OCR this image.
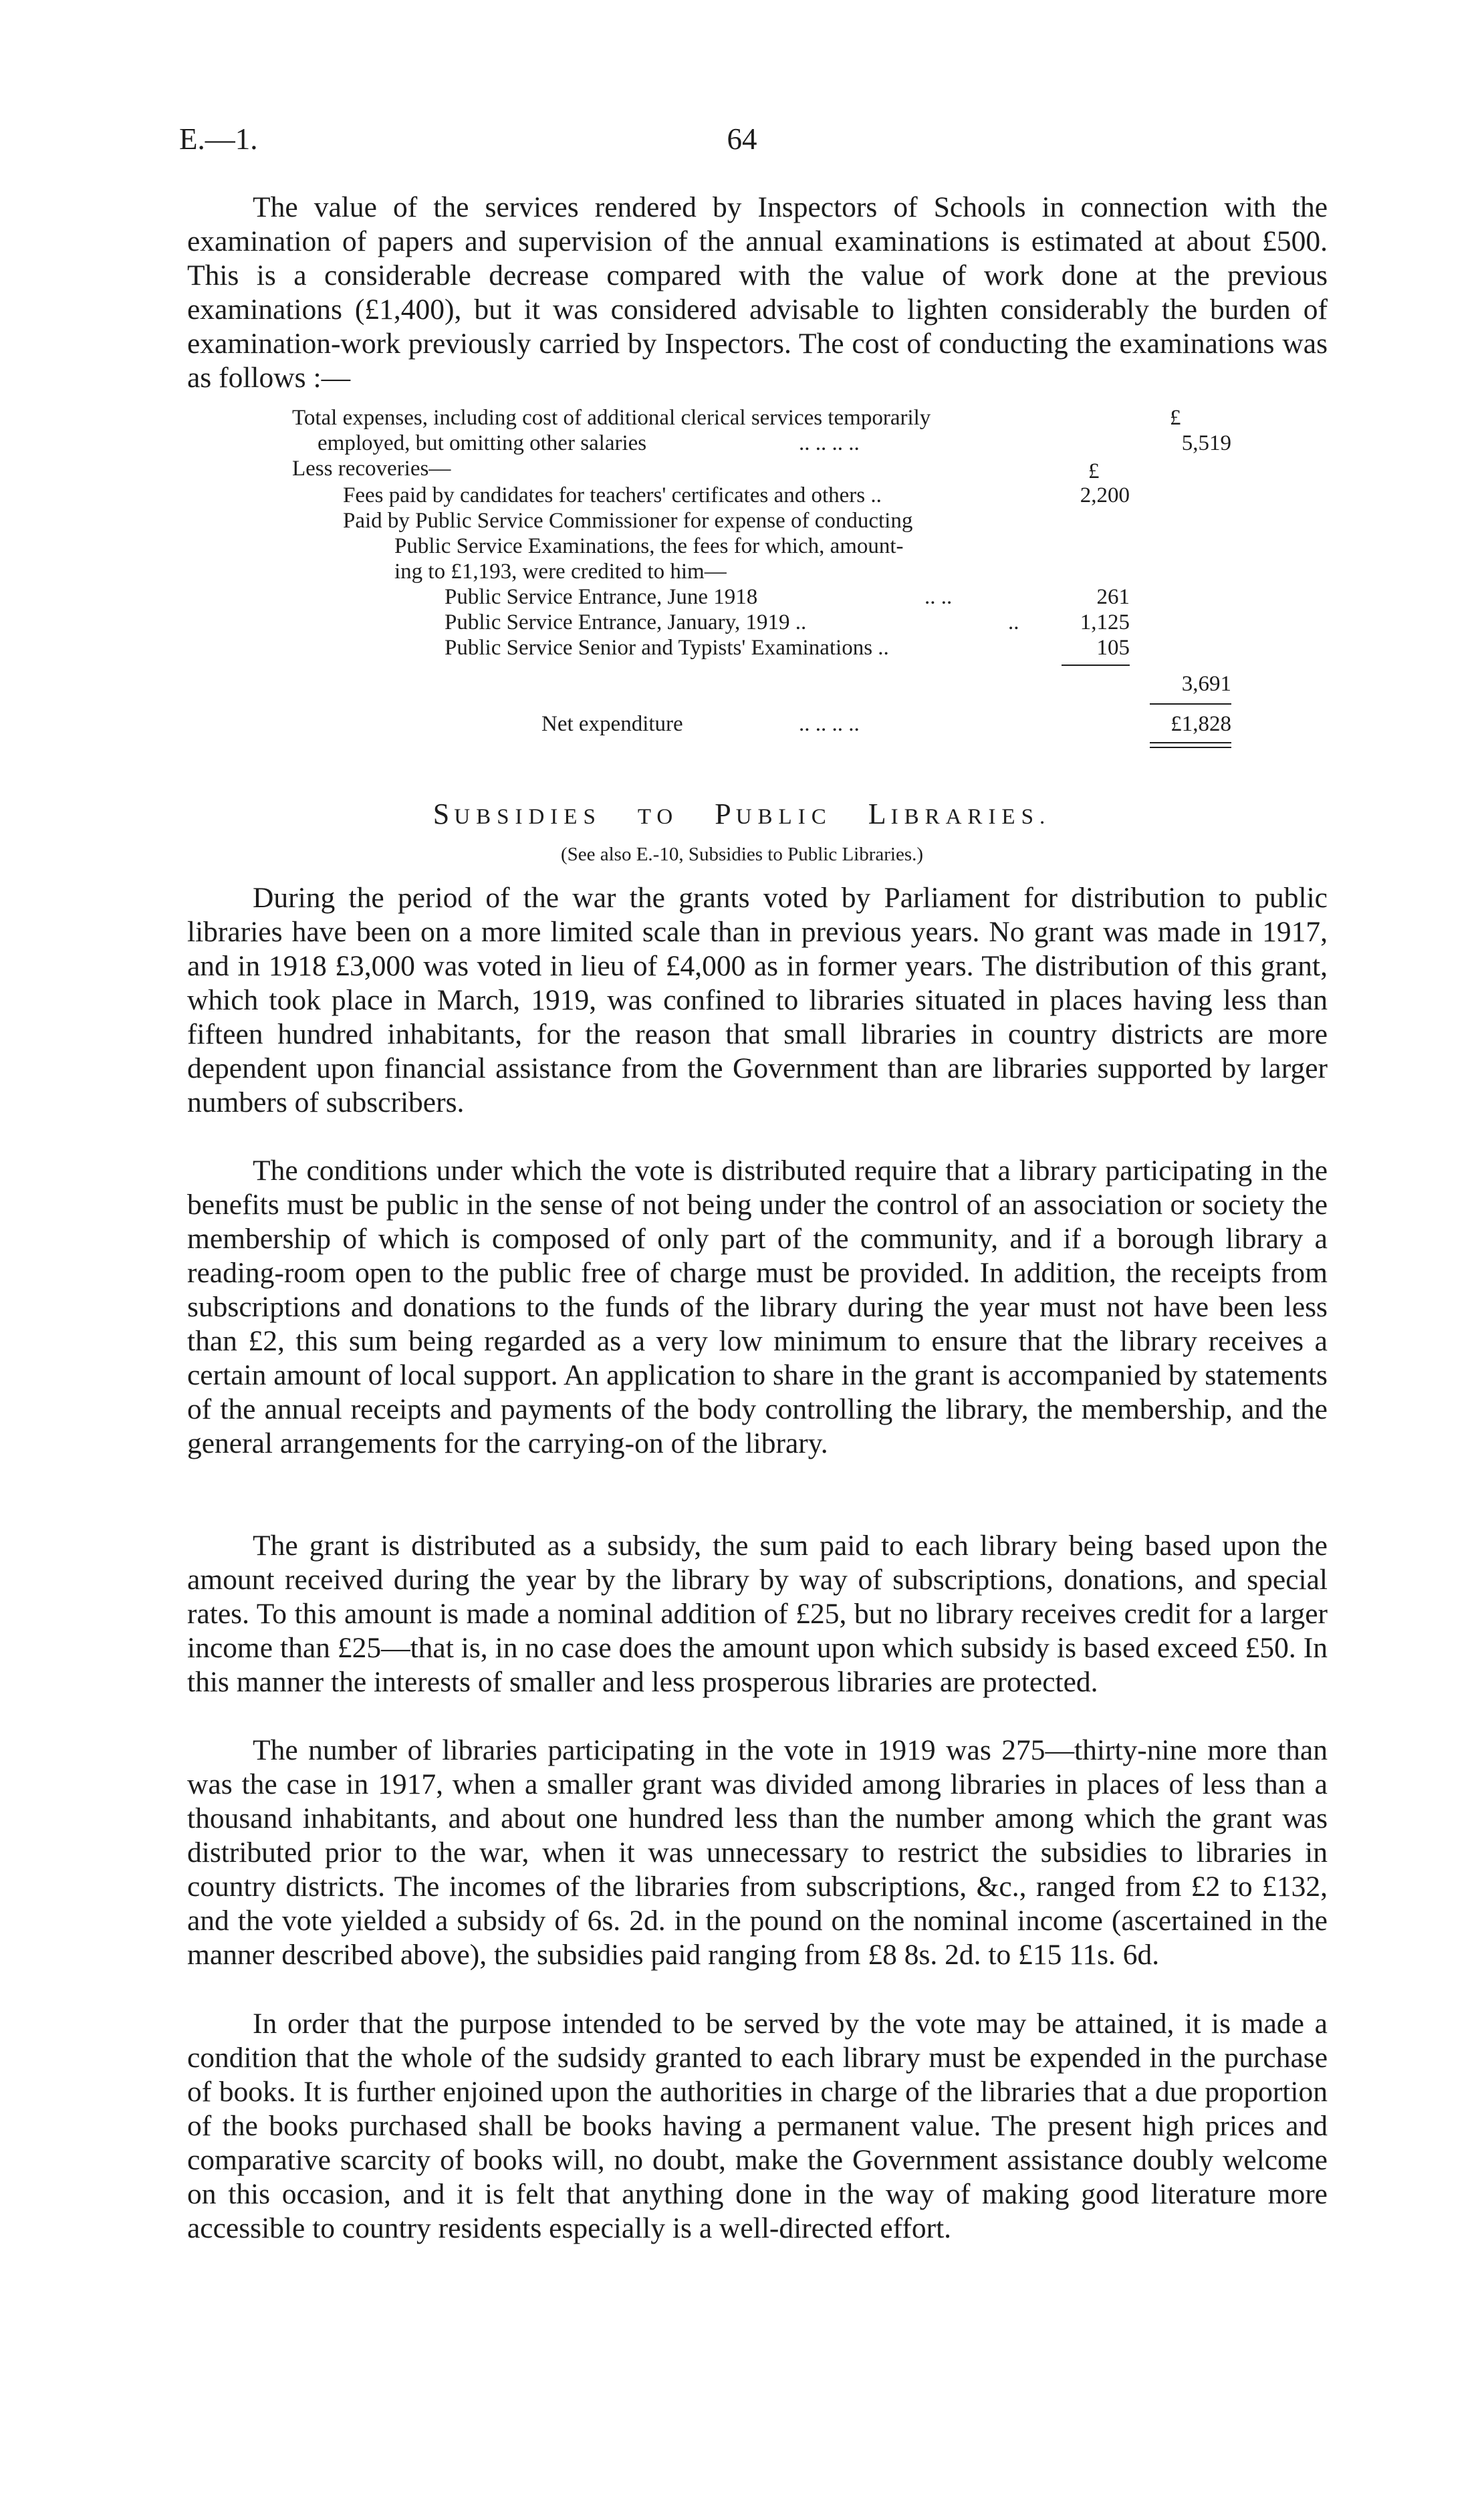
E.—1.	64

The value of the services rendered by Inspectors of Schools in connection with the examination of papers and supervision of the annual examinations is estimated at about £500. This is a considerable decrease compared with the value of work done at the previous examinations (£1,400), but it was considered advisable to lighten considerably the burden of examination-work previously carried by Inspectors. The cost of conducting the examinations was as follows :—

Total expenses, including cost of additional clerical services temporarily	£
employed, but omitting other salaries	.. .. .. ..	5,519
Less recoveries—	£
Fees paid by candidates for teachers' certificates and others ..	2,200
Paid by Public Service Commissioner for expense of conducting
Public Service Examinations, the fees for which, amount-
ing to £1,193, were credited to him—
Public Service Entrance, June 1918	.. ..	261
Public Service Entrance, January, 1919 ..	..	1,125
Public Service Senior and Typists' Examinations ..	105
3,691
Net expenditure	.. .. .. ..	£1,828
SUBSIDIES TO PUBLIC LIBRARIES.
(See also E.-10, Subsidies to Public Libraries.)

During the period of the war the grants voted by Parliament for distribution to public libraries have been on a more limited scale than in previous years. No grant was made in 1917, and in 1918 £3,000 was voted in lieu of £4,000 as in former years. The distribution of this grant, which took place in March, 1919, was confined to libraries situated in places having less than fifteen hundred inhabitants, for the reason that small libraries in country districts are more dependent upon financial assistance from the Government than are libraries supported by larger numbers of subscribers.

The conditions under which the vote is distributed require that a library participating in the benefits must be public in the sense of not being under the control of an association or society the membership of which is composed of only part of the community, and if a borough library a reading-room open to the public free of charge must be provided. In addition, the receipts from subscriptions and donations to the funds of the library during the year must not have been less than £2, this sum being regarded as a very low minimum to ensure that the library receives a certain amount of local support. An application to share in the grant is accompanied by statements of the annual receipts and payments of the body controlling the library, the membership, and the general arrangements for the carrying-on of the library.

The grant is distributed as a subsidy, the sum paid to each library being based upon the amount received during the year by the library by way of subscriptions, donations, and special rates. To this amount is made a nominal addition of £25, but no library receives credit for a larger income than £25—that is, in no case does the amount upon which subsidy is based exceed £50. In this manner the interests of smaller and less prosperous libraries are protected.

The number of libraries participating in the vote in 1919 was 275—thirty-nine more than was the case in 1917, when a smaller grant was divided among libraries in places of less than a thousand inhabitants, and about one hundred less than the number among which the grant was distributed prior to the war, when it was unnecessary to restrict the subsidies to libraries in country districts. The incomes of the libraries from subscriptions, &c., ranged from £2 to £132, and the vote yielded a subsidy of 6s. 2d. in the pound on the nominal income (ascertained in the manner described above), the subsidies paid ranging from £8 8s. 2d. to £15 11s. 6d.

In order that the purpose intended to be served by the vote may be attained, it is made a condition that the whole of the sudsidy granted to each library must be expended in the purchase of books. It is further enjoined upon the authorities in charge of the libraries that a due proportion of the books purchased shall be books having a permanent value. The present high prices and comparative scarcity of books will, no doubt, make the Government assistance doubly welcome on this occasion, and it is felt that anything done in the way of making good literature more accessible to country residents especially is a well-directed effort.
